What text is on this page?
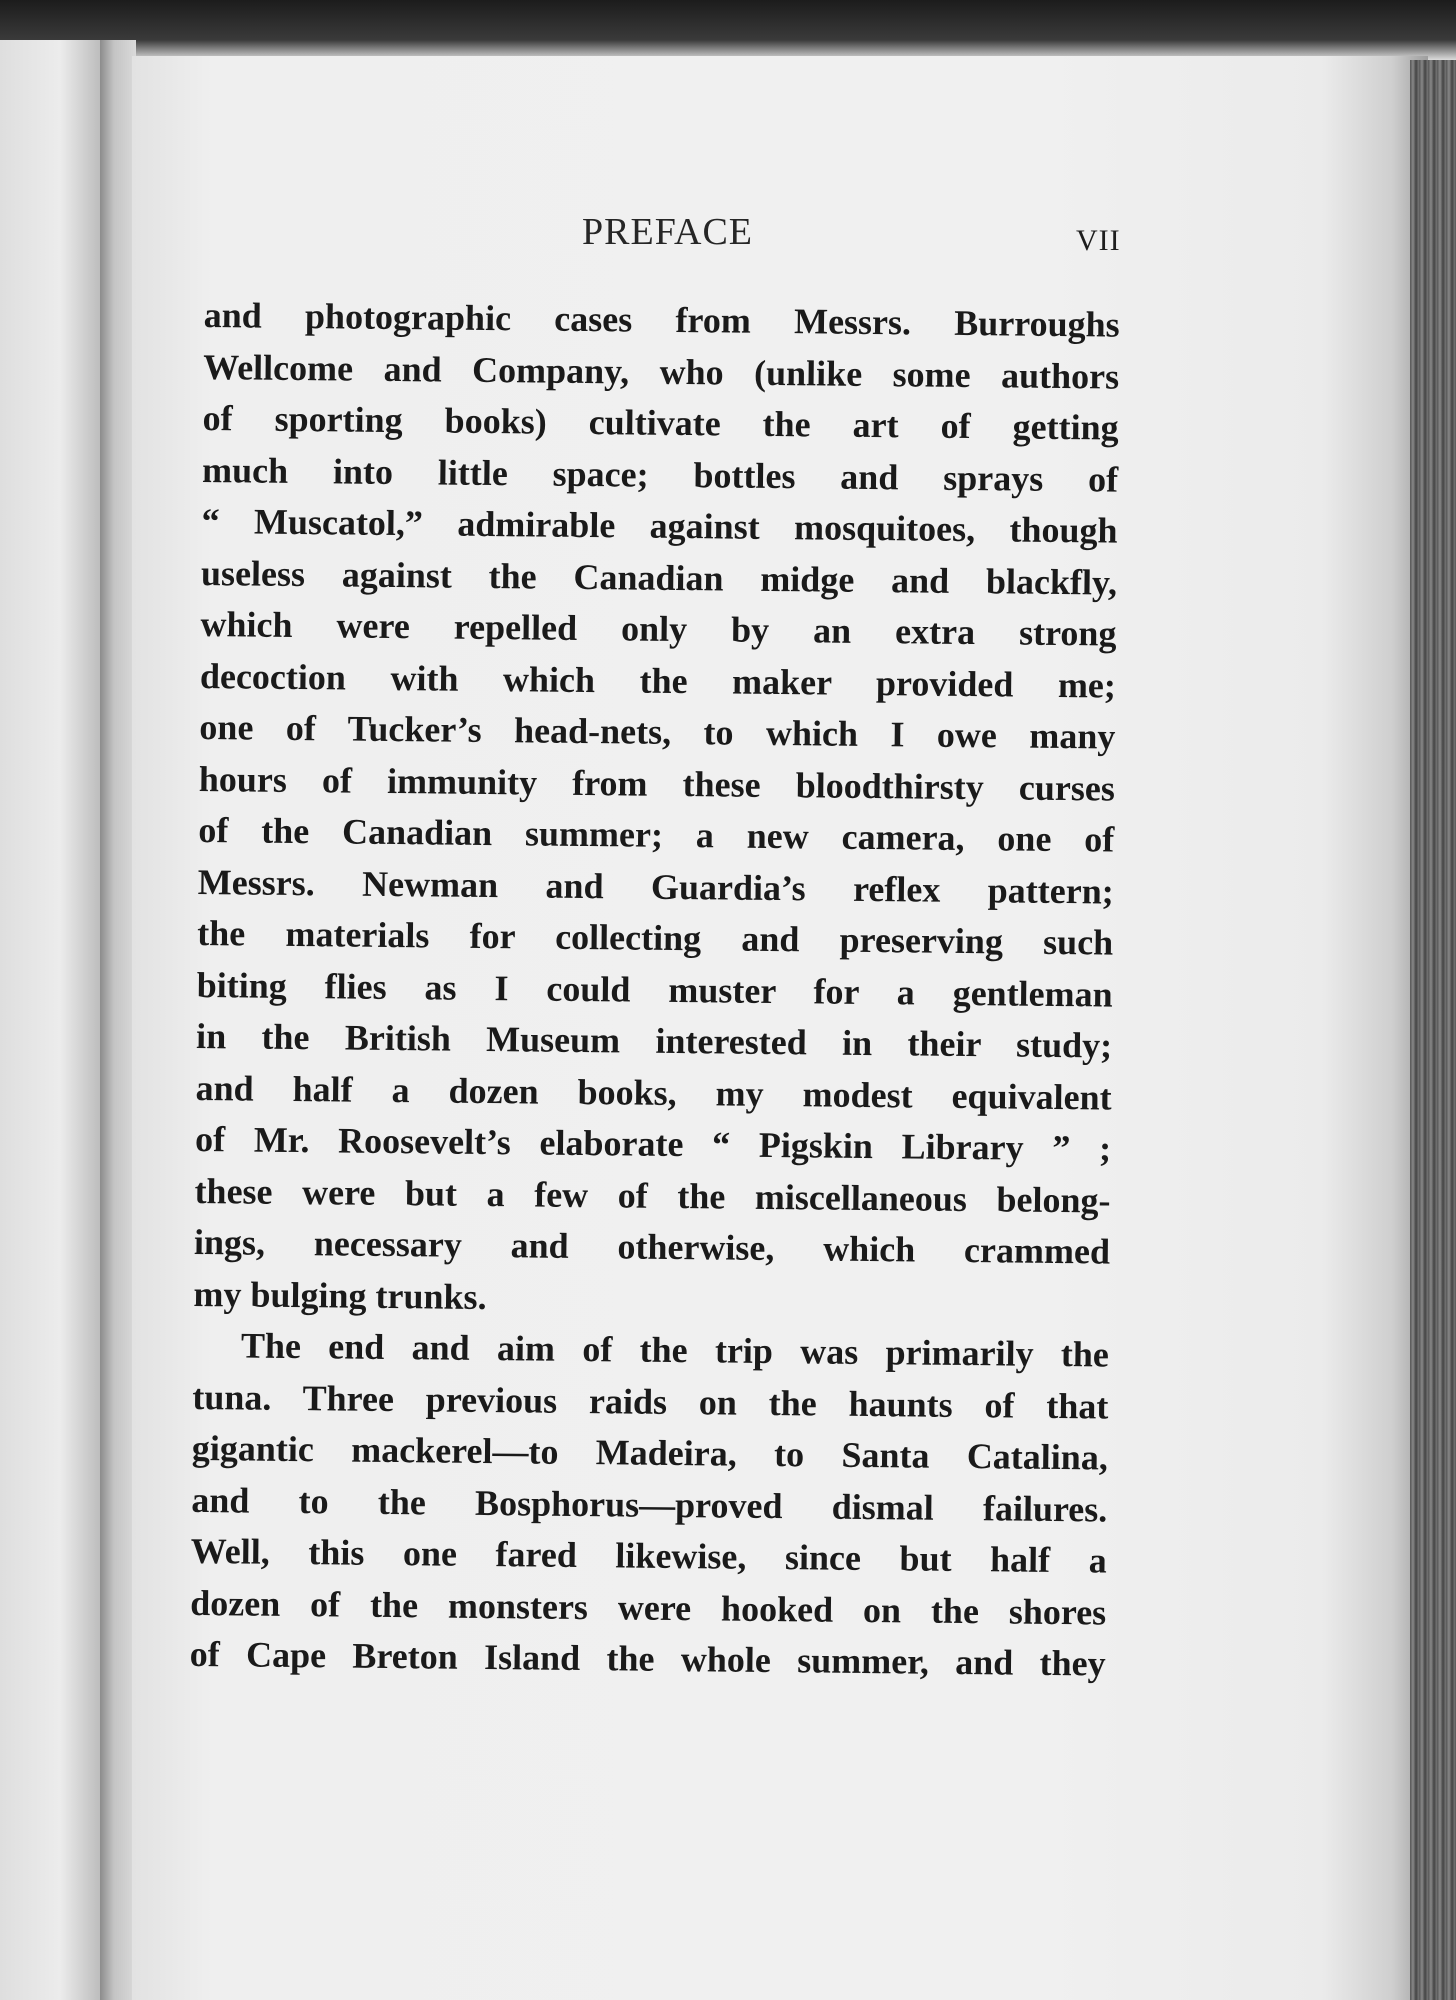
PREFACE	VII
and photographic cases from Messrs. Burroughs
Wellcome and Company, who (unlike some authors
of sporting books) cultivate the art of getting
much into little space; bottles and sprays of
“ Muscatol,” admirable against mosquitoes, though
useless against the Canadian midge and blackfly,
which were repelled only by an extra strong
decoction with which the maker provided me;
one of Tucker’s head-nets, to which I owe many
hours of immunity from these bloodthirsty curses
of the Canadian summer; a new camera, one of
Messrs. Newman and Guardia’s reflex pattern;
the materials for collecting and preserving such
biting flies as I could muster for a gentleman
in the British Museum interested in their study;
and half a dozen books, my modest equivalent
of Mr. Roosevelt’s elaborate “ Pigskin Library ” ;
these were but a few of the miscellaneous belong-
ings, necessary and otherwise, which crammed
my bulging trunks.
The end and aim of the trip was primarily the
tuna. Three previous raids on the haunts of that
gigantic mackerel—to Madeira, to Santa Catalina,
and to the Bosphorus—proved dismal failures.
Well, this one fared likewise, since but half a
dozen of the monsters were hooked on the shores
of Cape Breton Island the whole summer, and they
